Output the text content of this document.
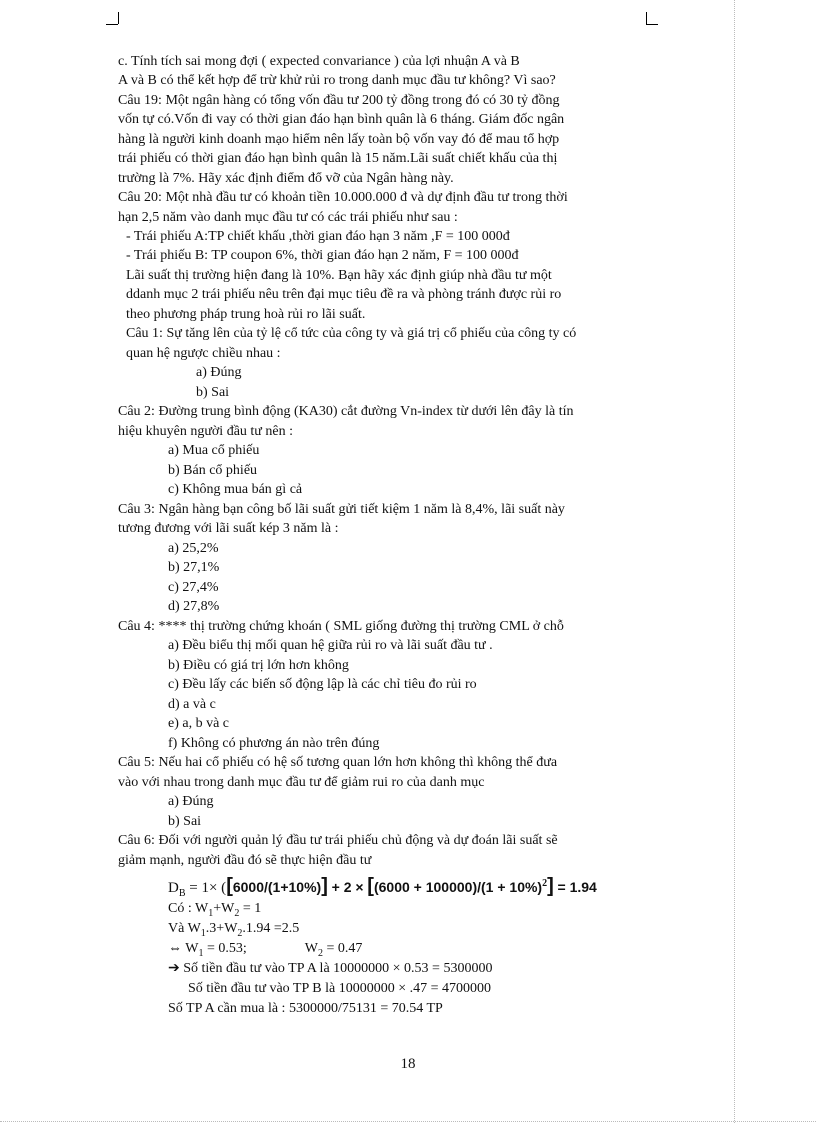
c. Tính tích sai mong đợi ( expected convariance ) của lợi nhuận A và B
A và B có thể kết hợp để trừ khử rủi ro trong danh mục đầu tư không? Vì sao?
Câu 19: Một ngân hàng có tổng vốn đầu tư 200 tỷ đồng trong đó có 30 tỷ đồng
vốn tự có.Vốn đi vay có thời gian đáo hạn bình quân là 6 tháng. Giám đốc ngân
hàng là người kinh doanh mạo hiểm nên lấy toàn bộ vốn vay đó để mau tổ hợp
trái phiếu có thời gian đáo hạn bình quân là 15 năm.Lãi suất chiết khấu của thị
trường là 7%. Hãy xác định điểm đổ vỡ của Ngân hàng này.
Câu 20: Một nhà đầu tư có khoản tiền 10.000.000 đ và dự định đầu tư trong thời
hạn 2,5 năm vào danh mục đầu tư có các trái phiếu như sau :
- Trái phiếu A:TP chiết khấu ,thời gian đáo hạn 3 năm ,F = 100 000đ
- Trái phiếu B: TP coupon 6%, thời gian đáo hạn 2 năm, F = 100 000đ
Lãi suất thị trường hiện đang là 10%. Bạn hãy xác định giúp nhà đầu tư một
ddanh mục 2 trái phiếu nêu trên đại mục tiêu đề ra và phòng tránh được rủi ro
theo phương pháp trung hoà rủi ro lãi suất.
Câu 1: Sự tăng lên của tỷ lệ cổ tức của công ty và giá trị cổ phiếu của công ty có
quan hệ ngược chiều nhau :
a) Đúng
b) Sai
Câu 2: Đường trung bình động (KA30) cắt đường Vn-index từ dưới lên đây là tín
hiệu khuyên người đầu tư nên :
a) Mua cổ phiếu
b) Bán cổ phiếu
c) Không mua bán gì cả
Câu 3: Ngân hàng bạn công bố lãi suất gửi tiết kiệm 1 năm là 8,4%, lãi suất này
tương đương với lãi suất kép 3 năm là :
a) 25,2%
b) 27,1%
c) 27,4%
d) 27,8%
Câu 4: **** thị trường chứng khoán ( SML giống đường thị trường CML ở chỗ
a) Đều biểu thị mối quan hệ giữa rủi ro và lãi suất đầu tư .
b) Điều có giá trị lớn hơn không
c) Đều lấy các biến số động lập là các chỉ tiêu đo rủi ro
d) a và c
e) a, b và c
f) Không có phương án nào trên đúng
Câu 5: Nếu hai cổ phiếu có hệ số tương quan lớn hơn không thì không thể đưa
vào với nhau trong danh mục đầu tư để giảm rui ro của danh mục
a) Đúng
b) Sai
Câu 6: Đối với người quản lý đầu tư trái phiếu chủ động và dự đoán lãi suất sẽ
giảm mạnh, người đầu đó sẽ thực hiện đầu tư
$D_B = 1\times ([6000/(1+10\%)] + 2 \times [(6000 + 100000)/(1 + 10\%)^2] = 1.94$
Có : $W_1+W_2 = 1$
Và $W_1.3+W_2.1.94 =2.5$
⇔ $W_1 = 0.53$;	$W_2 = 0.47$
➔ Số tiền đầu tư vào TP A là 10000000 × 0.53 = 5300000
Số tiền đầu tư vào TP B là 10000000 × .47 = 4700000
Số TP A cần mua là : 5300000/75131 = 70.54 TP
18
